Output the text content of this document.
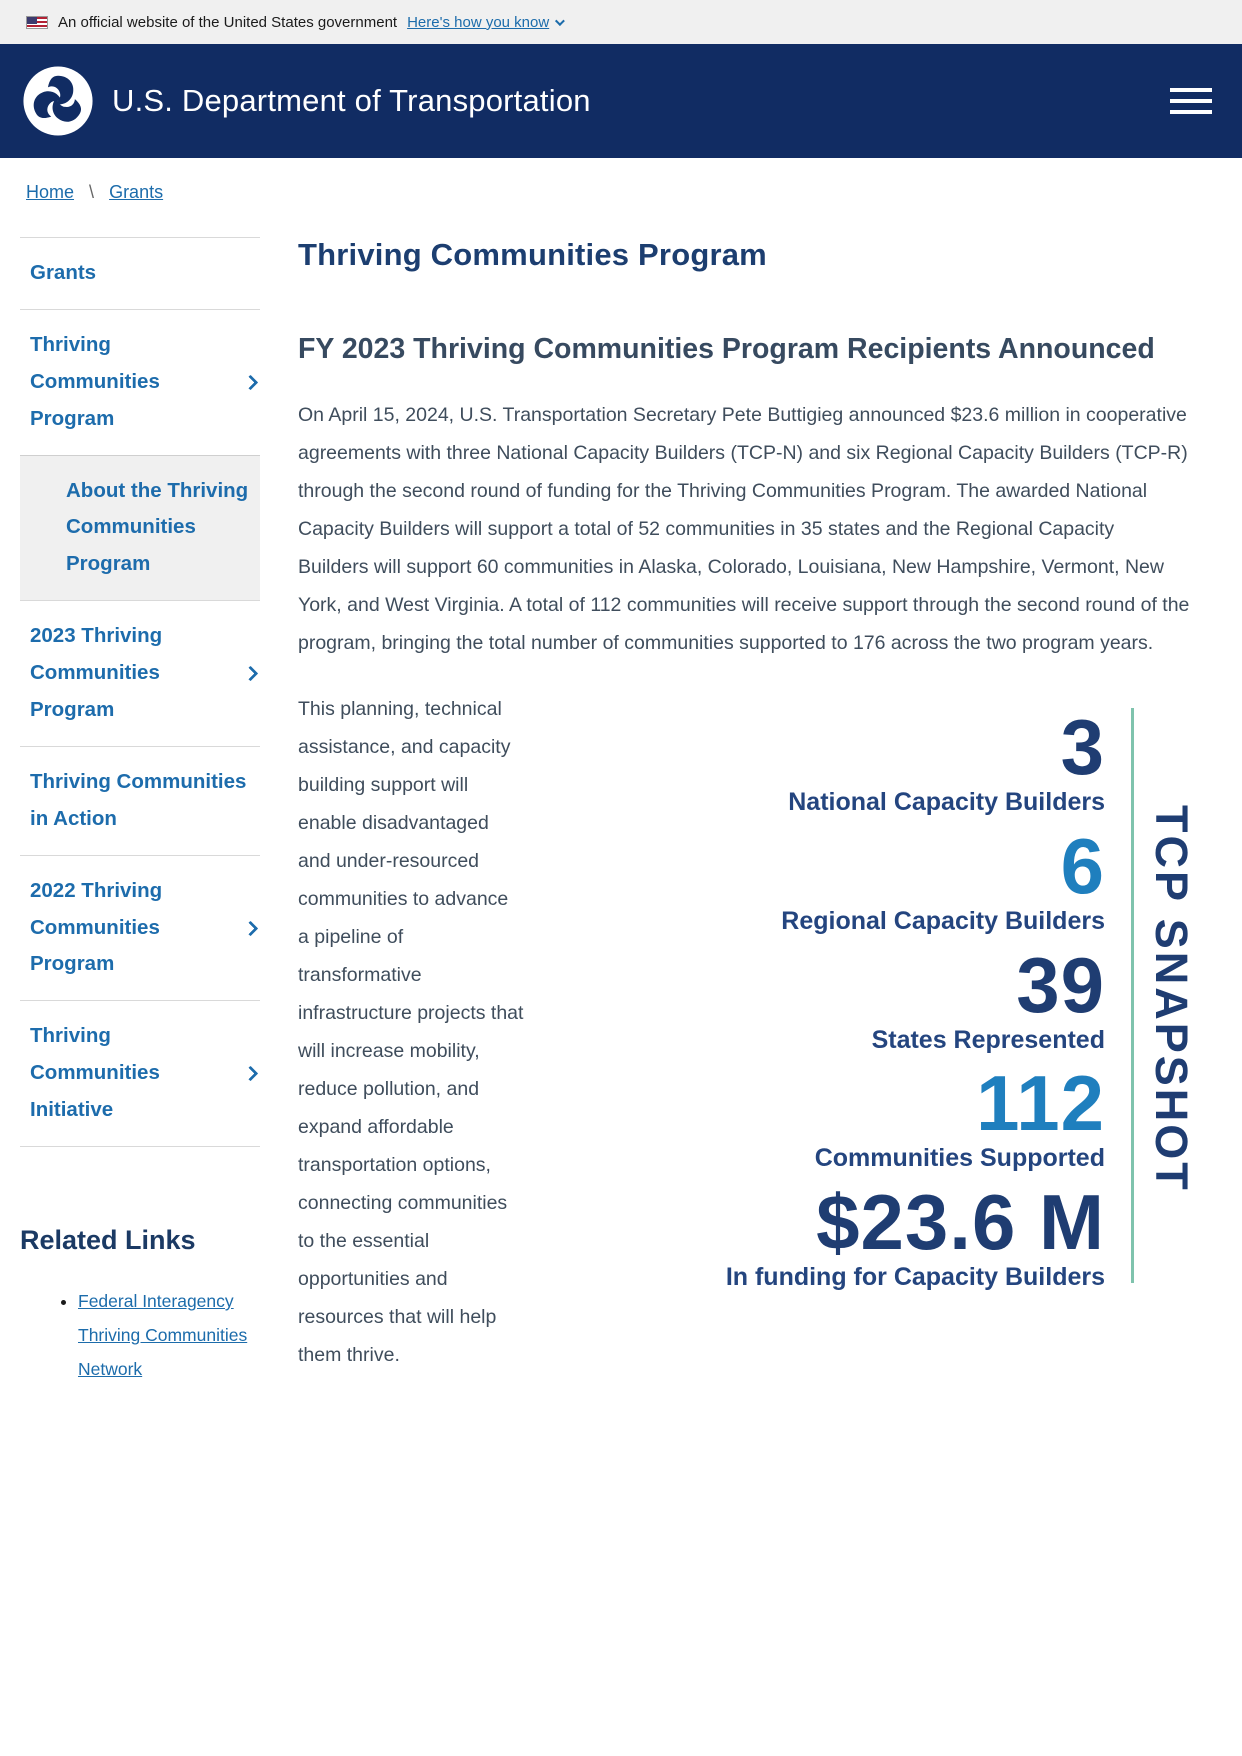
An official website of the United States government Here's how you know
U.S. Department of Transportation
Home \ Grants
Grants
Thriving Communities Program
About the Thriving Communities Program
2023 Thriving Communities Program
Thriving Communities in Action
2022 Thriving Communities Program
Thriving Communities Initiative
Related Links
• Federal Interagency Thriving Communities Network
Thriving Communities Program
FY 2023 Thriving Communities Program Recipients Announced

On April 15, 2024, U.S. Transportation Secretary Pete Buttigieg announced $23.6 million in cooperative agreements with three National Capacity Builders (TCP-N) and six Regional Capacity Builders (TCP-R) through the second round of funding for the Thriving Communities Program. The awarded National Capacity Builders will support a total of 52 communities in 35 states and the Regional Capacity Builders will support 60 communities in Alaska, Colorado, Louisiana, New Hampshire, Vermont, New York, and West Virginia. A total of 112 communities will receive support through the second round of the program, bringing the total number of communities supported to 176 across the two program years.

3
National Capacity Builders
6
Regional Capacity Builders
39
States Represented
112
Communities Supported
$23.6 M
In funding for Capacity Builders
TCP SNAPSHOT

This planning, technical assistance, and capacity building support will enable disadvantaged and under-resourced communities to advance a pipeline of transformative infrastructure projects that will increase mobility, reduce pollution, and expand affordable transportation options, connecting communities to the essential opportunities and resources that will help them thrive.
